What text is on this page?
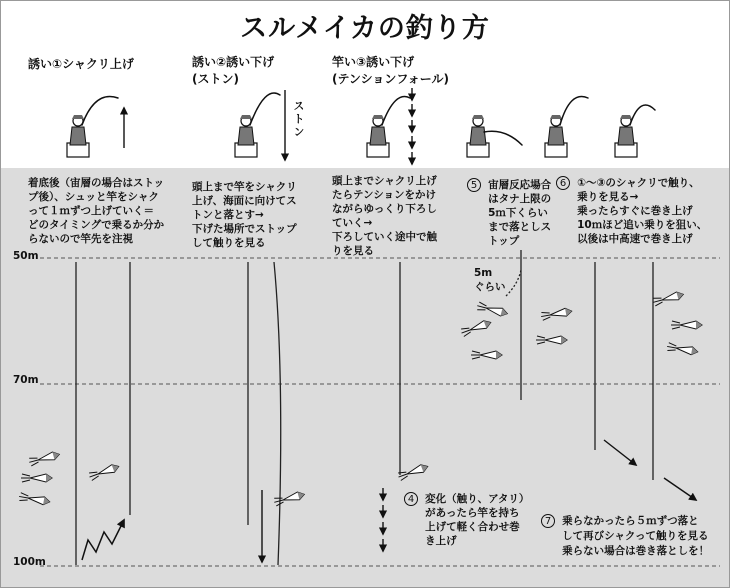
スルメイカの釣り方
誘い①シャクリ上げ	誘い②誘い下げ
(ストン)
竿い③誘い下げ
(テンションフォール)
ストン
着底後（宙層の場合はストッ
プ後）、シュッと竿をシャク
って１ｍずつ上げていく＝
どのタイミングで乗るか分か
らないので竿先を注視
頭上まで竿をシャクリ
上げ、海面に向けてス
トンと落とす→
下げた場所でストップ
して触りを見る
頭上までシャクリ上げ
たらテンションをかけ
ながらゆっくり下ろし
ていく→
下ろしていく途中で触
りを見る
5 宙層反応場合
はタナ上限の
5ｍ下くらい
まで落としス
トップ
6 ①〜③のシャクリで触り、
乗りを見る→
乗ったらすぐに巻き上げ
10ｍほど追い乗りを狙い、
以後は中高速で巻き上げ
4 変化（触り、アタリ）
があったら竿を持ち
上げて軽く合わせ巻
き上げ
7 乗らなかったら５ｍずつ落と
して再びシャクって触りを見る
乗らない場合は巻き落としを！
5m
ぐらい
50m
70m
100m
